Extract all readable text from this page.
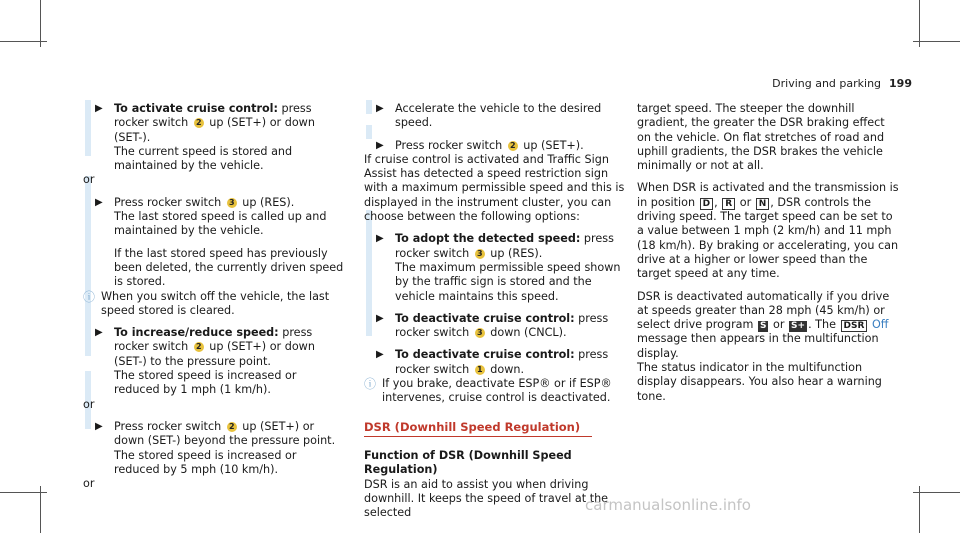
Driving and parking 199
▶ To activate cruise control: press rocker switch 2 up (SET+) or down (SET-).
The current speed is stored and maintained by the vehicle.
or
▶ Press rocker switch 3 up (RES).
The last stored speed is called up and maintained by the vehicle.
If the last stored speed has previously been deleted, the currently driven speed is stored.
ⓘ When you switch off the vehicle, the last speed stored is cleared.
▶ To increase/reduce speed: press rocker switch 2 up (SET+) or down (SET-) to the pressure point.
The stored speed is increased or reduced by 1 mph (1 km/h).
or
▶ Press rocker switch 2 up (SET+) or down (SET-) beyond the pressure point.
The stored speed is increased or reduced by 5 mph (10 km/h).
or
▶ Accelerate the vehicle to the desired speed.
▶ Press rocker switch 2 up (SET+).
If cruise control is activated and Traffic Sign Assist has detected a speed restriction sign with a maximum permissible speed and this is displayed in the instrument cluster, you can choose between the following options:
▶ To adopt the detected speed: press rocker switch 3 up (RES).
The maximum permissible speed shown by the traffic sign is stored and the vehicle maintains this speed.
▶ To deactivate cruise control: press rocker switch 3 down (CNCL).
▶ To deactivate cruise control: press rocker switch 1 down.
ⓘ If you brake, deactivate ESP® or if ESP® intervenes, cruise control is deactivated.
DSR (Downhill Speed Regulation)
Function of DSR (Downhill Speed Regulation)
DSR is an aid to assist you when driving downhill. It keeps the speed of travel at the selected
target speed. The steeper the downhill gradient, the greater the DSR braking effect on the vehicle. On flat stretches of road and uphill gradients, the DSR brakes the vehicle minimally or not at all.
When DSR is activated and the transmission is in position D , R or N , DSR controls the driving speed. The target speed can be set to a value between 1 mph (2 km/h) and 11 mph (18 km/h). By braking or accelerating, you can drive at a higher or lower speed than the target speed at any time.
DSR is deactivated automatically if you drive at speeds greater than 28 mph (45 km/h) or select drive program S or S+ . The DSR Off message then appears in the multifunction display.
The status indicator in the multifunction display disappears. You also hear a warning tone.
carmanualsonline.info
